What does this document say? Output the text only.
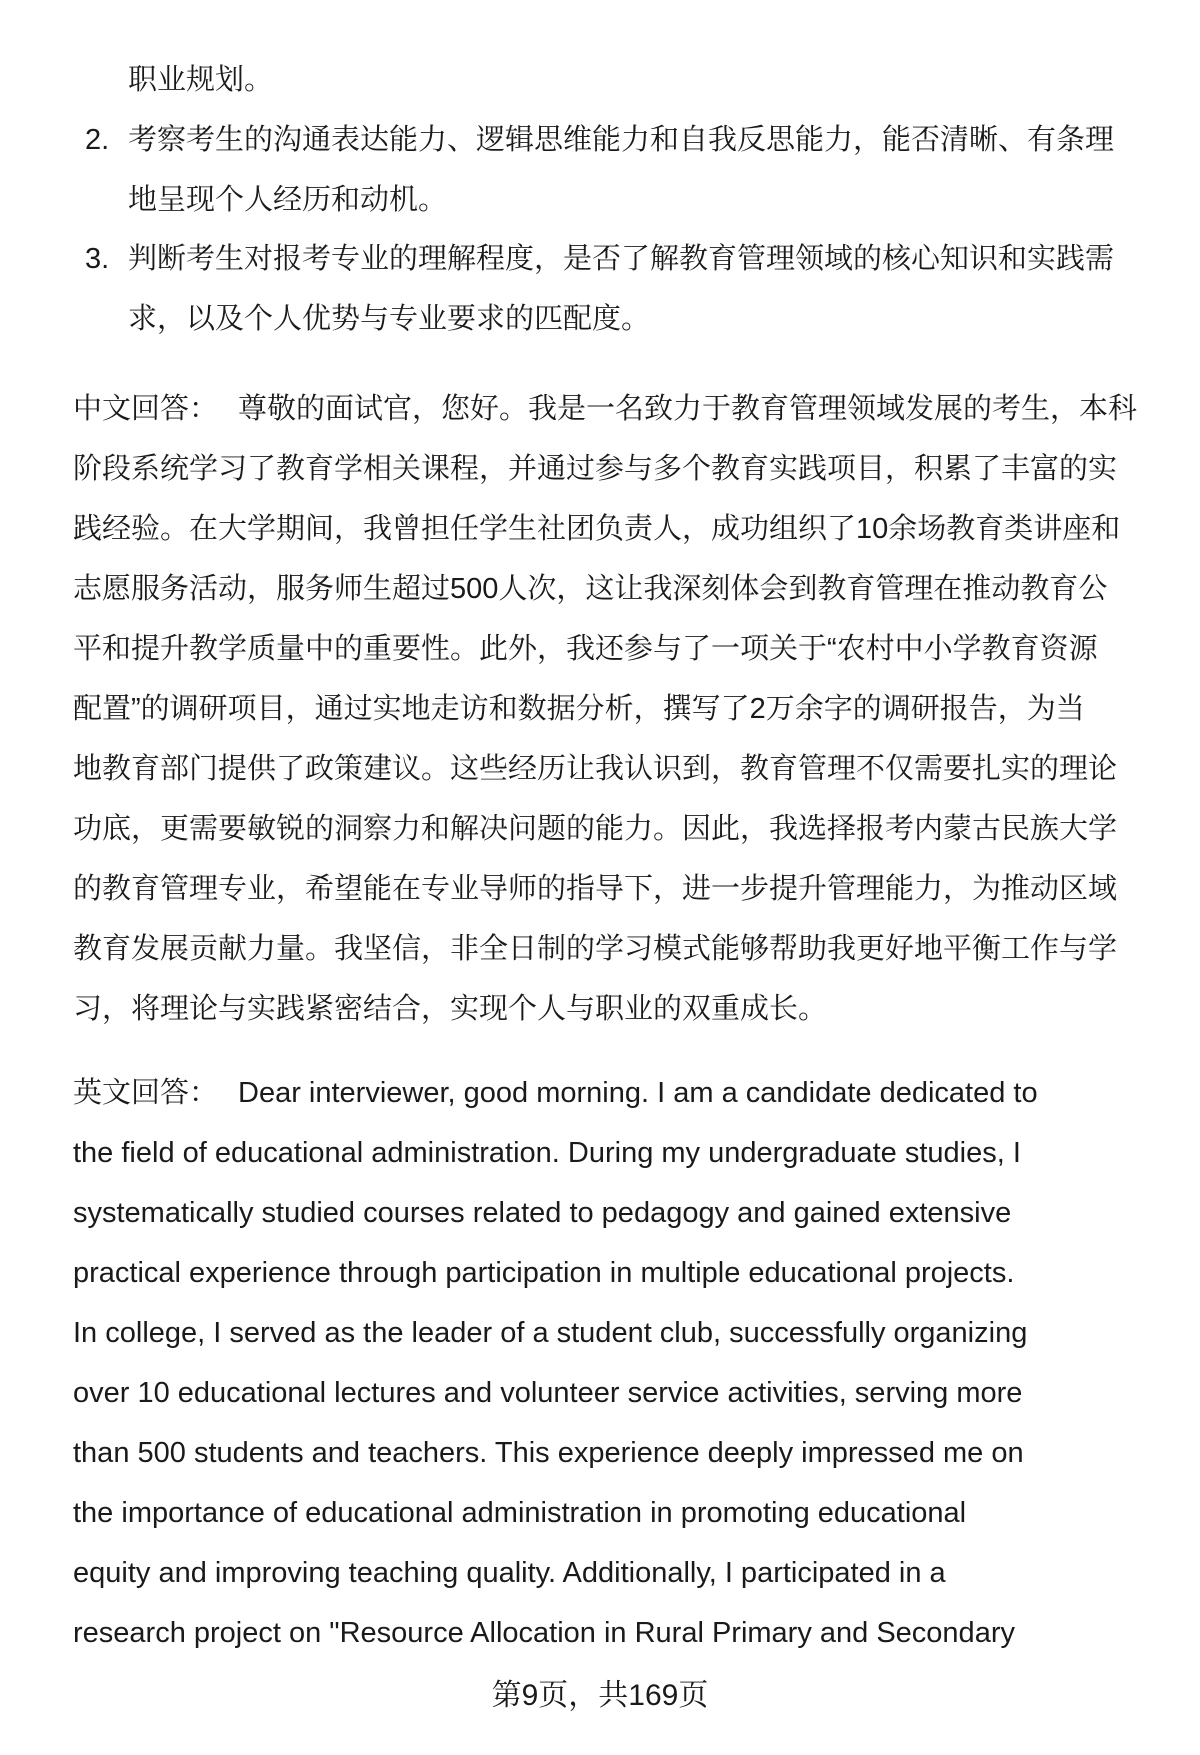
职业规划。
2. 考察考生的沟通表达能力、逻辑思维能力和自我反思能力，能否清晰、有条理
地呈现个人经历和动机。
3. 判断考生对报考专业的理解程度，是否了解教育管理领域的核心知识和实践需
求，以及个人优势与专业要求的匹配度。
中文回答： 尊敬的面试官，您好。我是一名致力于教育管理领域发展的考生，本科
阶段系统学习了教育学相关课程，并通过参与多个教育实践项目，积累了丰富的实
践经验。在大学期间，我曾担任学生社团负责人，成功组织了10余场教育类讲座和
志愿服务活动，服务师生超过500人次，这让我深刻体会到教育管理在推动教育公
平和提升教学质量中的重要性。此外，我还参与了一项关于“农村中小学教育资源
配置”的调研项目，通过实地走访和数据分析，撰写了2万余字的调研报告，为当
地教育部门提供了政策建议。这些经历让我认识到，教育管理不仅需要扎实的理论
功底，更需要敏锐的洞察力和解决问题的能力。因此，我选择报考内蒙古民族大学
的教育管理专业，希望能在专业导师的指导下，进一步提升管理能力，为推动区域
教育发展贡献力量。我坚信，非全日制的学习模式能够帮助我更好地平衡工作与学
习，将理论与实践紧密结合，实现个人与职业的双重成长。
英文回答： Dear interviewer, good morning. I am a candidate dedicated to
the field of educational administration. During my undergraduate studies, I
systematically studied courses related to pedagogy and gained extensive
practical experience through participation in multiple educational projects.
In college, I served as the leader of a student club, successfully organizing
over 10 educational lectures and volunteer service activities, serving more
than 500 students and teachers. This experience deeply impressed me on
the importance of educational administration in promoting educational
equity and improving teaching quality. Additionally, I participated in a
research project on "Resource Allocation in Rural Primary and Secondary
第9页，共169页
